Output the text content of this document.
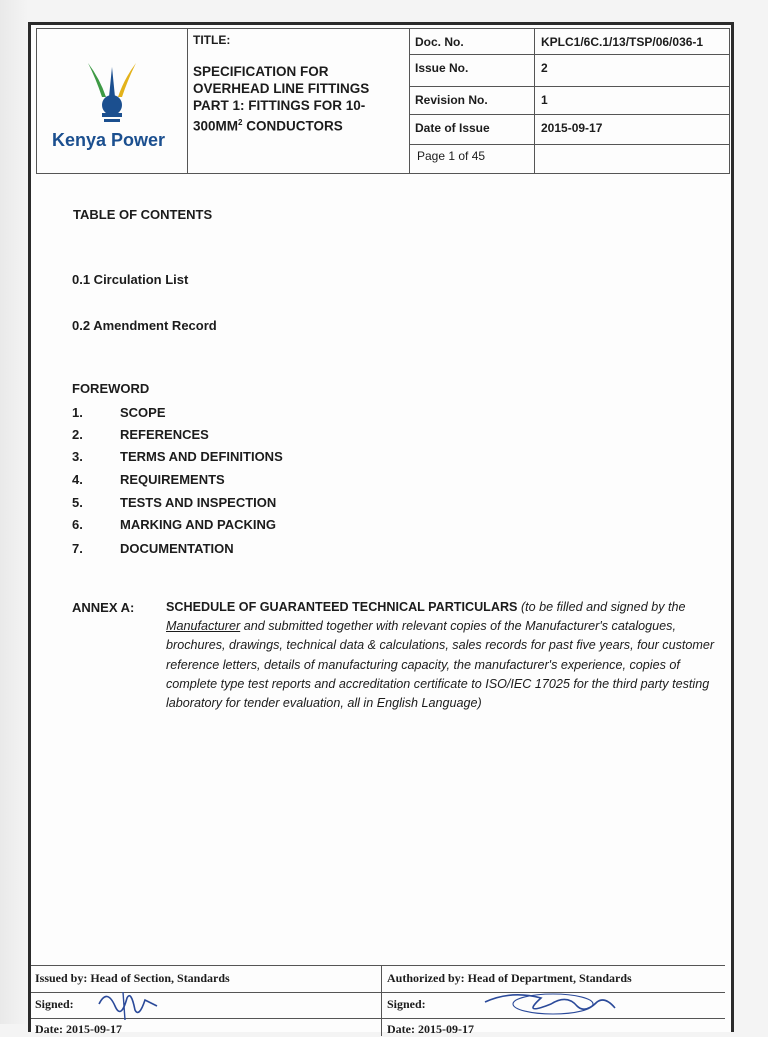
Kenya Power
TITLE:
SPECIFICATION FOR
OVERHEAD LINE FITTINGS
PART 1: FITTINGS FOR 10-
$300MM^2$ CONDUCTORS
Doc. No.	KPLC1/6C.1/13/TSP/06/036-1
Issue No.	2
Revision No.	1
Date of Issue	2015-09-17
Page 1 of 45
TABLE OF CONTENTS
0.1 Circulation List
0.2 Amendment Record
FOREWORD
1.	SCOPE
2.	REFERENCES
3.	TERMS AND DEFINITIONS
4.	REQUIREMENTS
5.	TESTS AND INSPECTION
6.	MARKING AND PACKING
7.	DOCUMENTATION
ANNEX A:	SCHEDULE OF GUARANTEED TECHNICAL PARTICULARS (to be filled and signed by the Manufacturer and submitted together with relevant copies of the Manufacturer's catalogues, brochures, drawings, technical data & calculations, sales records for past five years, four customer reference letters, details of manufacturing capacity, the manufacturer's experience, copies of complete type test reports and accreditation certificate to ISO/IEC 17025 for the third party testing laboratory for tender evaluation, all in English Language)
Issued by: Head of Section, Standards	Authorized by: Head of Department, Standards
Signed:	Signed:
Date: 2015-09-17	Date: 2015-09-17
